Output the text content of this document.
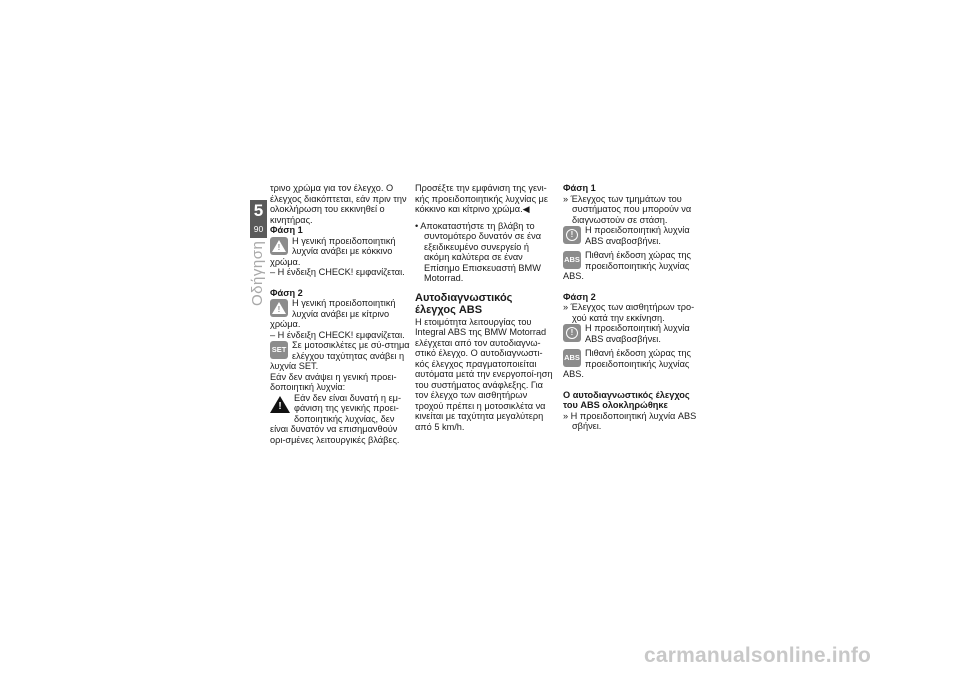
5
90
Οδήγηση

τρινο χρώμα για τον έλεγχο. Ο έλεγχος διακόπτεται, εάν πριν την ολοκλήρωση του εκκινηθεί ο κινητήρας.

Φάση 1

!

Η γενική προειδοποιητική λυχνία ανάβει με κόκκινο χρώμα.

– Η ένδειξη CHECK! εμφανίζεται.

Φάση 2

!

Η γενική προειδοποιητική λυχνία ανάβει με κίτρινο χρώμα.

– Η ένδειξη CHECK! εμφανίζεται.

SET Σε μοτοσικλέτες με σύ-στημα ελέγχου ταχύτητας ανάβει η λυχνία SET.

Εάν δεν ανάψει η γενική προει-δοποιητική λυχνία:

!

Εάν δεν είναι δυνατή η εμ-φάνιση της γενικής προει-δοποιητικής λυχνίας, δεν είναι δυνατόν να επισημανθούν ορι-σμένες λειτουργικές βλάβες.

Προσέξτε την εμφάνιση της γενι-κής προειδοποιητικής λυχνίας με κόκκινο και κίτρινο χρώμα.◀

• Αποκαταστήστε τη βλάβη το συντομότερο δυνατόν σε ένα εξειδικευμένο συνεργείο ή ακόμη καλύτερα σε έναν Επίσημο Επισκευαστή BMW Motorrad.

Αυτοδιαγνωστικός έλεγχος ABS

Η ετοιμότητα λειτουργίας του Integral ABS της BMW Motorrad ελέγχεται από τον αυτοδιαγνω-στικό έλεγχο. Ο αυτοδιαγνωστι-κός έλεγχος πραγματοποιείται αυτόματα μετά την ενεργοποί-ηση του συστήματος ανάφλεξης. Για τον έλεγχο των αισθητήρων τροχού πρέπει η μοτοσικλέτα να κινείται με ταχύτητα μεγαλύτερη από 5 km/h.

Φάση 1

» Έλεγχος των τμημάτων του συστήματος που μπορούν να διαγνωστούν σε στάση.

!

Η προειδοποιητική λυχνία ABS αναβοσβήνει.

ABS Πιθανή έκδοση χώρας της προειδοποιητικής λυχνίας ABS.

Φάση 2

» Έλεγχος των αισθητήρων τρο-χού κατά την εκκίνηση.

!

Η προειδοποιητική λυχνία ABS αναβοσβήνει.

ABS Πιθανή έκδοση χώρας της προειδοποιητικής λυχνίας ABS.

Ο αυτοδιαγνωστικός έλεγχος του ABS ολοκληρώθηκε

» Η προειδοποιητική λυχνία ABS σβήνει.

carmanualsonline.info
